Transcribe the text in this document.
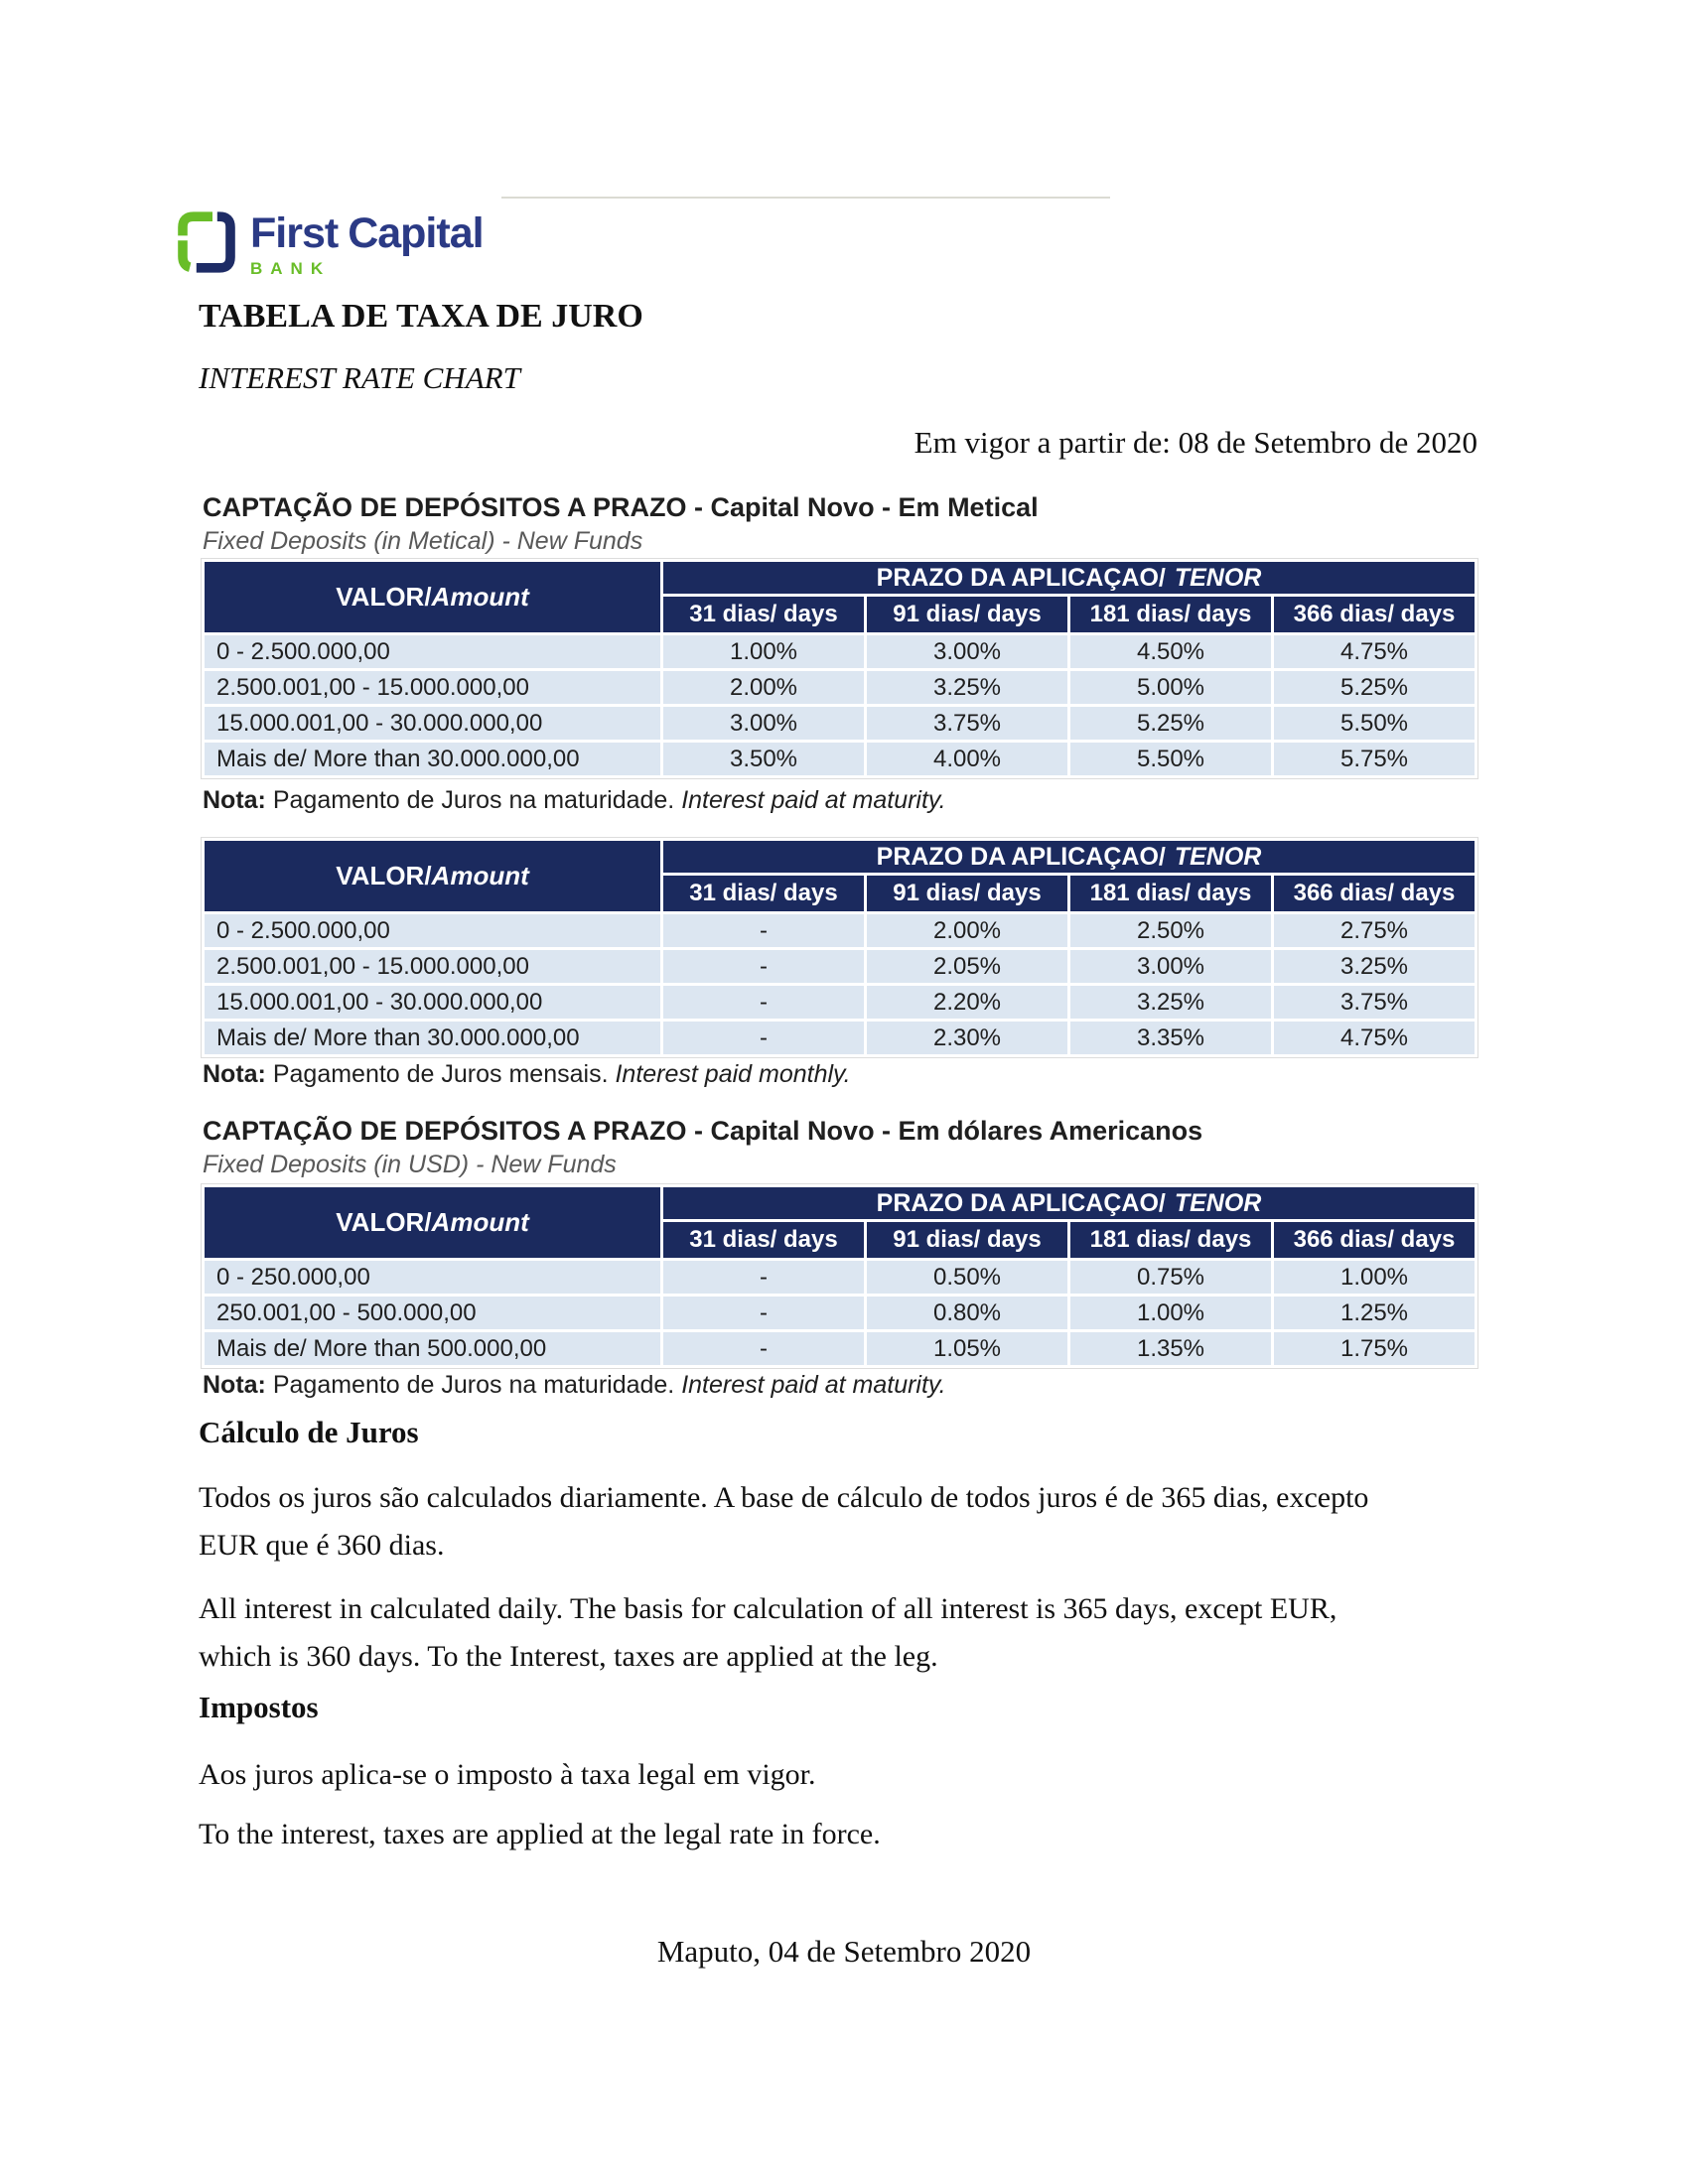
First Capital
BANK
TABELA DE TAXA DE JURO
INTEREST RATE CHART
Em vigor a partir de: 08 de Setembro de 2020
CAPTAÇÃO DE DEPÓSITOS A PRAZO - Capital Novo - Em Metical
Fixed Deposits (in Metical) - New Funds
VALOR/Amount	PRAZO DA APLICAÇAO/ TENOR			
	31 dias/ days	91 dias/ days	181 dias/ days	366 dias/ days
0 - 2.500.000,00	1.00%	3.00%	4.50%	4.75%
2.500.001,00 - 15.000.000,00	2.00%	3.25%	5.00%	5.25%
15.000.001,00 - 30.000.000,00	3.00%	3.75%	5.25%	5.50%
Mais de/ More than 30.000.000,00	3.50%	4.00%	5.50%	5.75%
Nota: Pagamento de Juros na maturidade. Interest paid at maturity.
VALOR/Amount	PRAZO DA APLICAÇAO/ TENOR			
	31 dias/ days	91 dias/ days	181 dias/ days	366 dias/ days
0 - 2.500.000,00	-	2.00%	2.50%	2.75%
2.500.001,00 - 15.000.000,00	-	2.05%	3.00%	3.25%
15.000.001,00 - 30.000.000,00	-	2.20%	3.25%	3.75%
Mais de/ More than 30.000.000,00	-	2.30%	3.35%	4.75%
Nota: Pagamento de Juros mensais. Interest paid monthly.
CAPTAÇÃO DE DEPÓSITOS A PRAZO - Capital Novo - Em dólares Americanos
Fixed Deposits (in USD) - New Funds
VALOR/Amount	PRAZO DA APLICAÇAO/ TENOR			
	31 dias/ days	91 dias/ days	181 dias/ days	366 dias/ days
0 - 250.000,00	-	0.50%	0.75%	1.00%
250.001,00 - 500.000,00	-	0.80%	1.00%	1.25%
Mais de/ More than 500.000,00	-	1.05%	1.35%	1.75%
Nota: Pagamento de Juros na maturidade. Interest paid at maturity.
Cálculo de Juros
Todos os juros são calculados diariamente. A base de cálculo de todos juros é de 365 dias, excepto
EUR que é 360 dias.
All interest in calculated daily. The basis for calculation of all interest is 365 days, except EUR,
which is 360 days. To the Interest, taxes are applied at the leg.
Impostos
Aos juros aplica-se o imposto à taxa legal em vigor.
To the interest, taxes are applied at the legal rate in force.
Maputo, 04 de Setembro 2020
